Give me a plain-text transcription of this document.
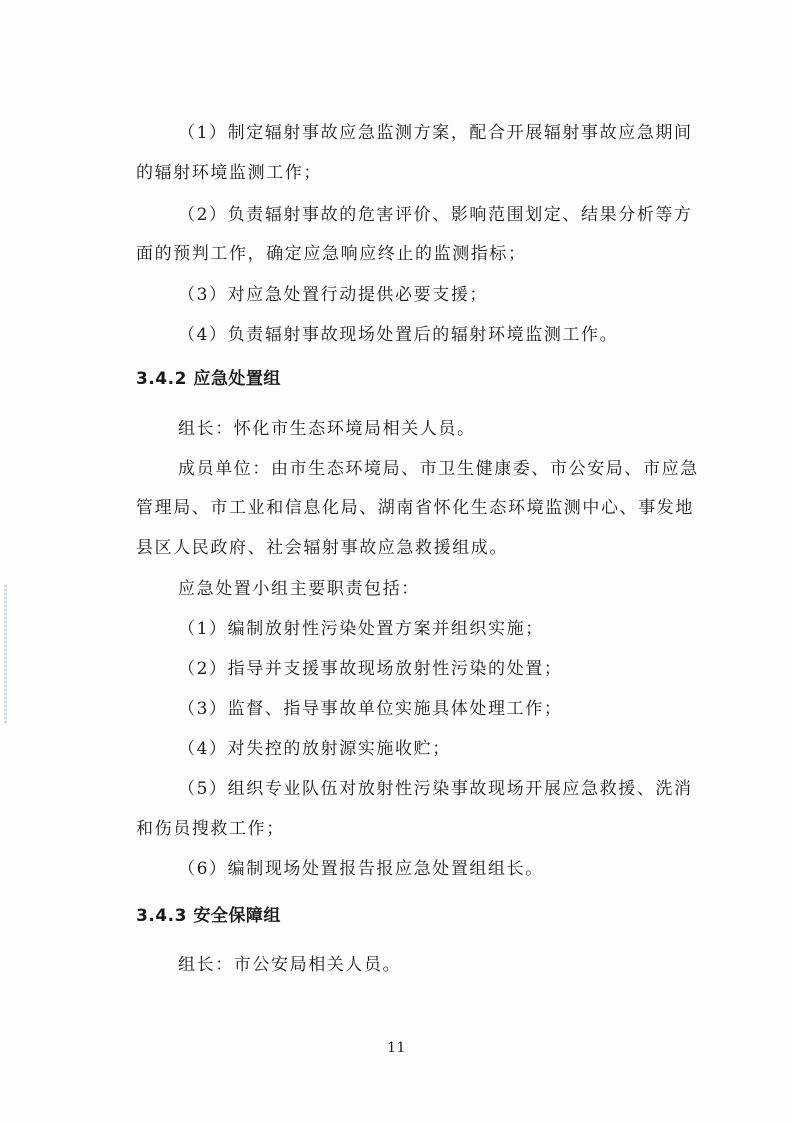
（1）制定辐射事故应急监测方案，配合开展辐射事故应急期间
的辐射环境监测工作；
（2）负责辐射事故的危害评价、影响范围划定、结果分析等方
面的预判工作，确定应急响应终止的监测指标；
（3）对应急处置行动提供必要支援；
（4）负责辐射事故现场处置后的辐射环境监测工作。
3.4.2 应急处置组
组长：怀化市生态环境局相关人员。
成员单位：由市生态环境局、市卫生健康委、市公安局、市应急
管理局、市工业和信息化局、湖南省怀化生态环境监测中心、事发地
县区人民政府、社会辐射事故应急救援组成。
应急处置小组主要职责包括：
（1）编制放射性污染处置方案并组织实施；
（2）指导并支援事故现场放射性污染的处置；
（3）监督、指导事故单位实施具体处理工作；
（4）对失控的放射源实施收贮；
（5）组织专业队伍对放射性污染事故现场开展应急救援、洗消
和伤员搜救工作；
（6）编制现场处置报告报应急处置组组长。
3.4.3 安全保障组
组长：市公安局相关人员。
11
